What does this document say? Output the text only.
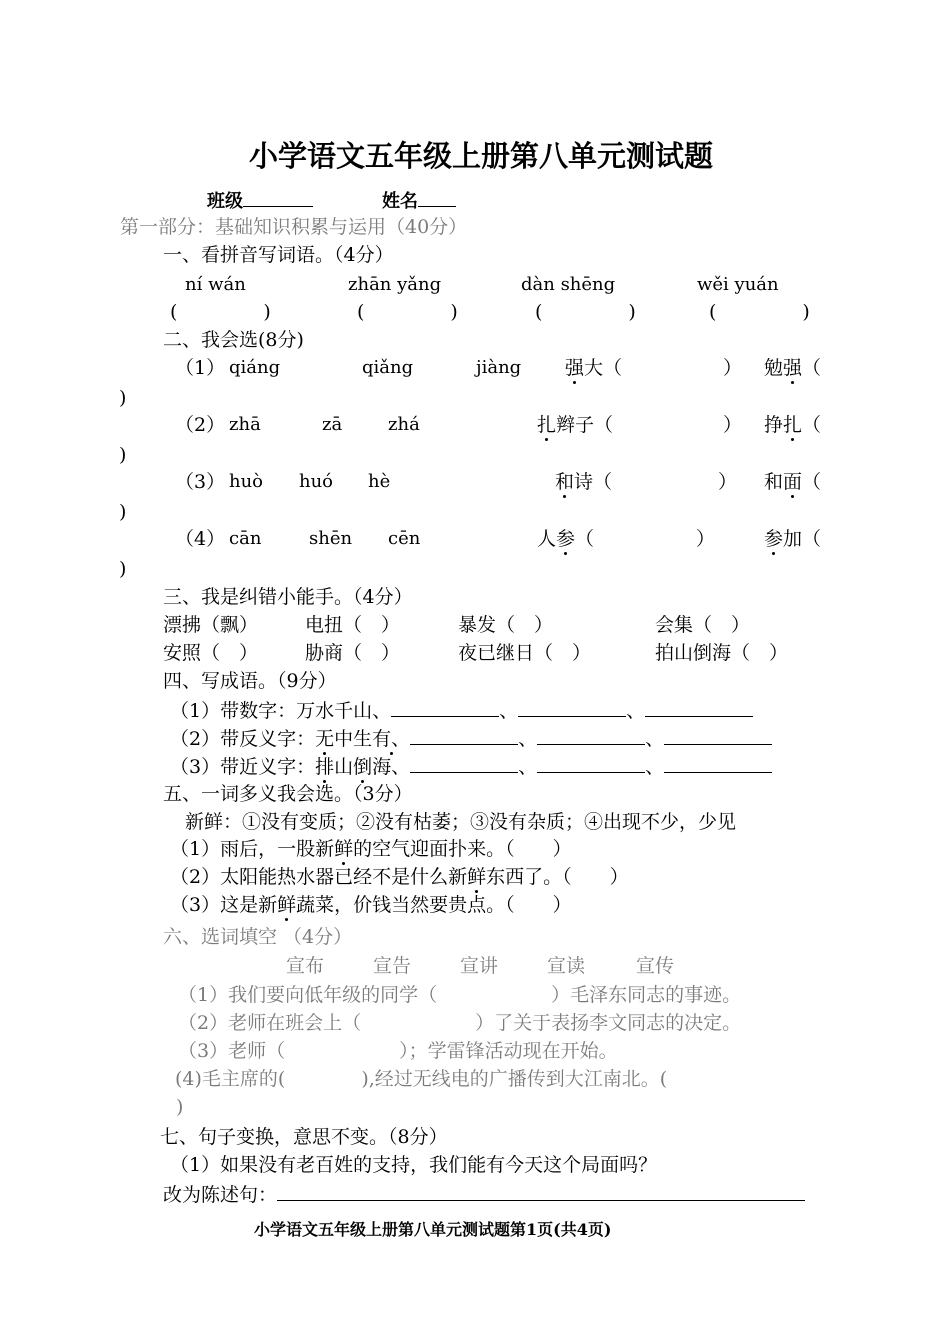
小学语文五年级上册第八单元测试题
班级	姓名
第一部分：基础知识积累与运用（40分）
一、看拼音写词语。（4分）
ní wán	zhān yǎng	dàn shēng	wěi yuán
(	)	(	)	(	)	(	)
二、我会选(8分)
（1） qiáng	qiǎng	jiàng 强大（	） 勉强（
)
（2） zhā	zā	zhá	扎辫子（	） 挣扎（
)
（3） huò huó hè	和诗（	） 和面（
)
（4） cān	shēn cēn	人参（	）	参加（
)
三、我是纠错小能手。（4分）
漂拂（飘） 电扭（　）	暴发（　）	会集（　）
安照（　） 胁商（　）	夜已继日（　）	拍山倒海（　）
四、写成语。（9分）
（1）带数字：万水千山、	、	、
（2）带反义字：无中生有、	、	、
（3）带近义字：排山倒海、	、	、
五、一词多义我会选。（3分）
新鲜：①没有变质；②没有枯萎；③没有杂质；④出现不少，少见
（1）雨后，一股新鲜的空气迎面扑来。（　　）
（2）太阳能热水器已经不是什么新鲜东西了。（　　）
（3）这是新鲜蔬菜，价钱当然要贵点。（　　）
六、选词填空 （4分）
宣布	宣告	宣讲	宣读	宣传
（1）我们要向低年级的同学（　　　　　　）毛泽东同志的事迹。
（2）老师在班会上（　　　　　　）了关于表扬李文同志的决定。
（3）老师（　　　　　　）；学雷锋活动现在开始。
(4)毛主席的(　　　　),经过无线电的广播传到大江南北。(
)
七、句子变换，意思不变。（8分）
（1）如果没有老百姓的支持，我们能有今天这个局面吗？
改为陈述句：
小学语文五年级上册第八单元测试题第1页(共4页)
